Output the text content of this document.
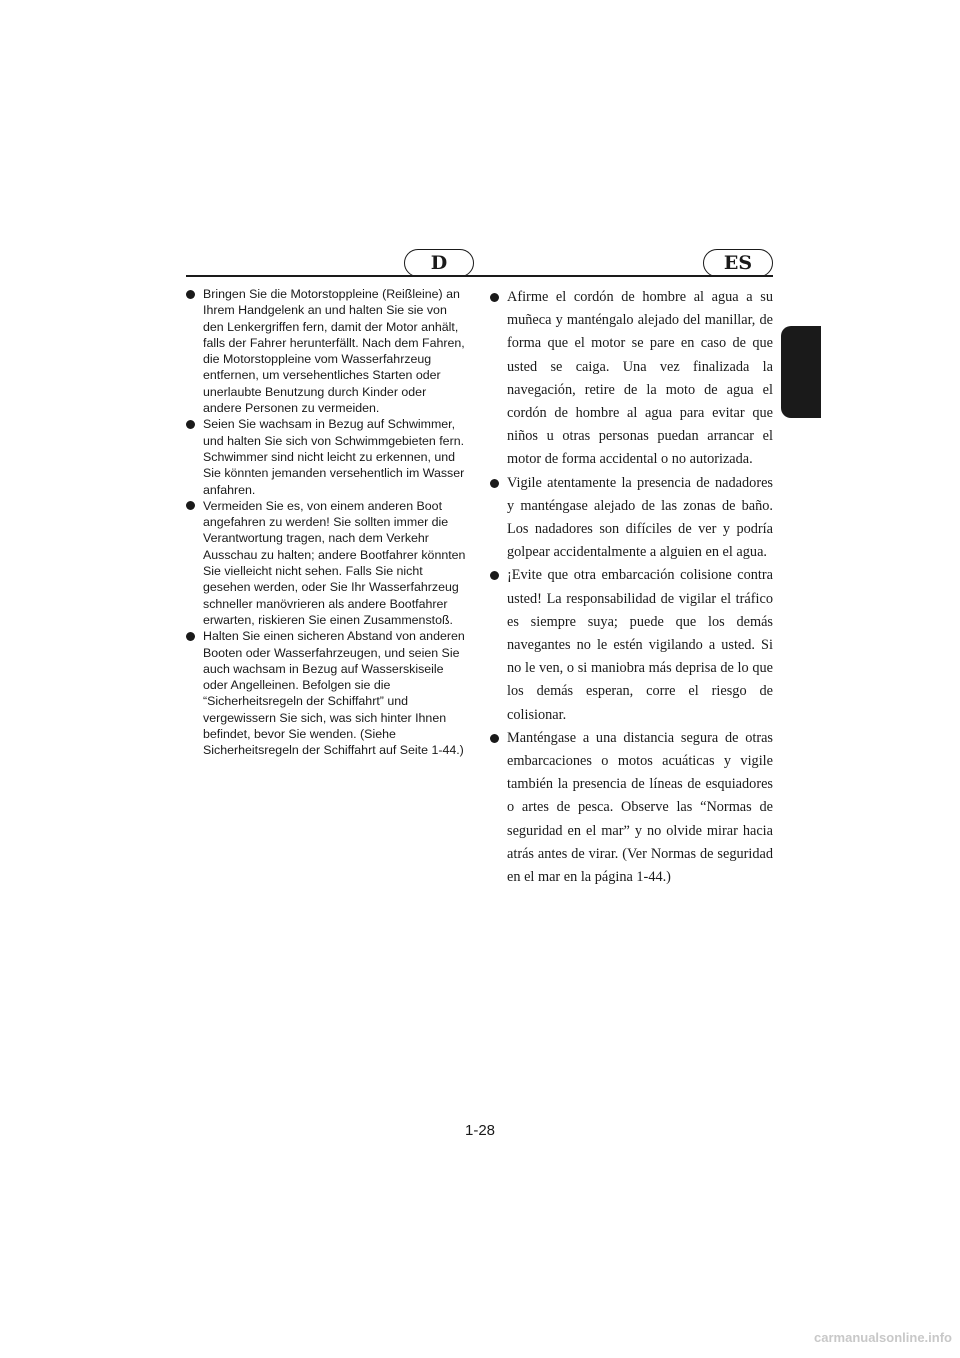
D	ES
Bringen Sie die Motorstoppleine (Reißleine) an Ihrem Handgelenk an und halten Sie sie von den Lenkergriffen fern, damit der Motor anhält, falls der Fahrer herunterfällt. Nach dem Fahren, die Motorstoppleine vom Wasserfahrzeug entfernen, um versehentliches Starten oder unerlaubte Benutzung durch Kinder oder andere Personen zu vermeiden.
Seien Sie wachsam in Bezug auf Schwimmer, und halten Sie sich von Schwimmgebieten fern. Schwimmer sind nicht leicht zu erkennen, und Sie könnten jemanden versehentlich im Wasser anfahren.
Vermeiden Sie es, von einem anderen Boot angefahren zu werden! Sie sollten immer die Verantwortung tragen, nach dem Verkehr Ausschau zu halten; andere Bootfahrer könnten Sie vielleicht nicht sehen. Falls Sie nicht gesehen werden, oder Sie Ihr Wasserfahrzeug schneller manövrieren als andere Bootfahrer erwarten, riskieren Sie einen Zusammenstoß.
Halten Sie einen sicheren Abstand von anderen Booten oder Wasserfahrzeugen, und seien Sie auch wachsam in Bezug auf Wasserskiseile oder Angelleinen. Befolgen sie die “Sicherheitsregeln der Schiffahrt” und vergewissern Sie sich, was sich hinter Ihnen befindet, bevor Sie wenden. (Siehe Sicherheitsregeln der Schiffahrt auf Seite 1-44.)
Afirme el cordón de hombre al agua a su muñeca y manténgalo alejado del manillar, de forma que el motor se pare en caso de que usted se caiga. Una vez finalizada la navegación, retire de la moto de agua el cordón de hombre al agua para evitar que niños u otras personas puedan arrancar el motor de forma accidental o no autorizada.
Vigile atentamente la presencia de nadadores y manténgase alejado de las zonas de baño. Los nadadores son difíciles de ver y podría golpear accidentalmente a alguien en el agua.
¡Evite que otra embarcación colisione contra usted! La responsabilidad de vigilar el tráfico es siempre suya; puede que los demás navegantes no le estén vigilando a usted. Si no le ven, o si maniobra más deprisa de lo que los demás esperan, corre el riesgo de colisionar.
Manténgase a una distancia segura de otras embarcaciones o motos acuáticas y vigile también la presencia de líneas de esquiadores o artes de pesca. Observe las “Normas de seguridad en el mar” y no olvide mirar hacia atrás antes de virar. (Ver Normas de seguridad en el mar en la página 1-44.)
1-28
carmanualsonline.info
